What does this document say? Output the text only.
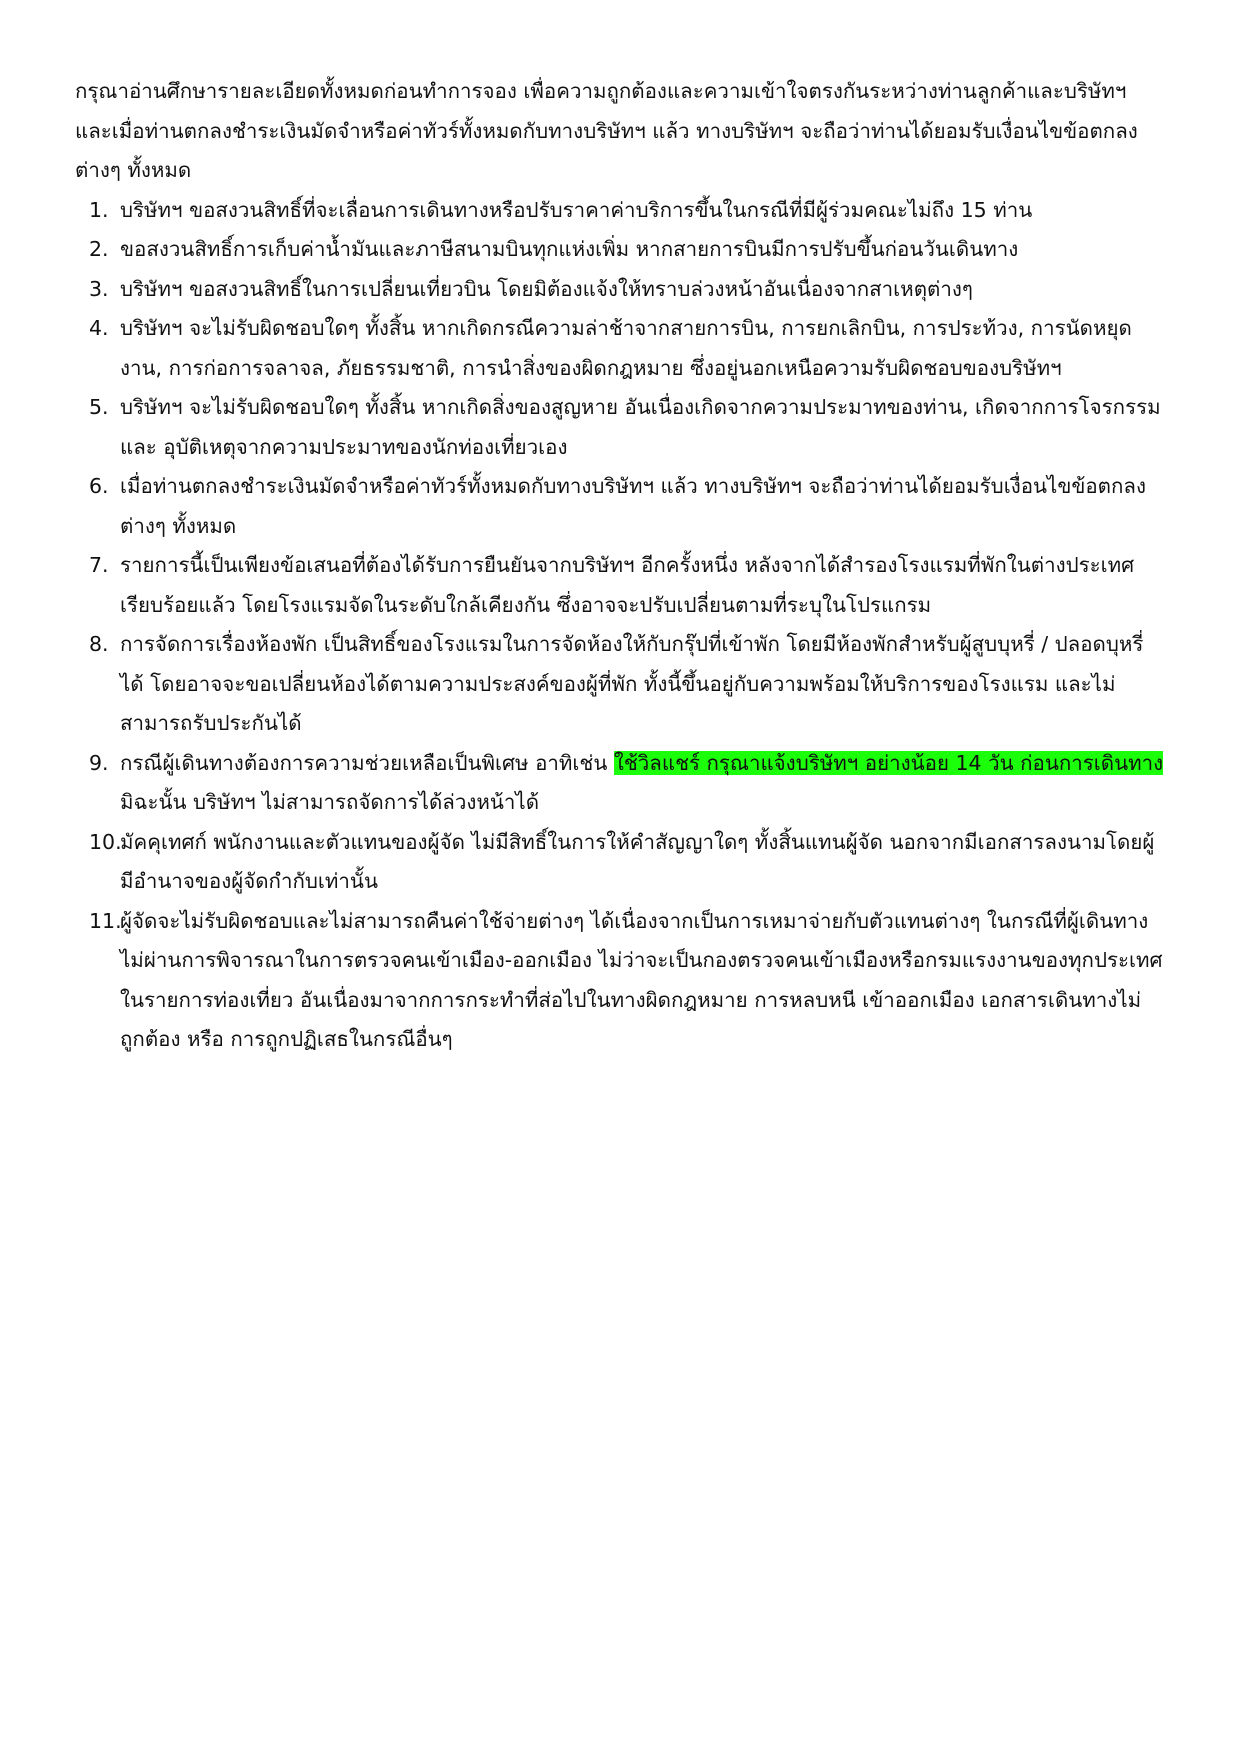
กรุณาอ่านศึกษารายละเอียดทั้งหมดก่อนทำการจอง เพื่อความถูกต้องและความเข้าใจตรงกันระหว่างท่านลูกค้าและบริษัทฯ และเมื่อท่านตกลงชำระเงินมัดจำหรือค่าทัวร์ทั้งหมดกับทางบริษัทฯ แล้ว ทางบริษัทฯ จะถือว่าท่านได้ยอมรับเงื่อนไขข้อตกลงต่างๆ ทั้งหมด

1. บริษัทฯ ขอสงวนสิทธิ์ที่จะเลื่อนการเดินทางหรือปรับราคาค่าบริการขึ้นในกรณีที่มีผู้ร่วมคณะไม่ถึง 15 ท่าน
2. ขอสงวนสิทธิ์การเก็บค่าน้ำมันและภาษีสนามบินทุกแห่งเพิ่ม หากสายการบินมีการปรับขึ้นก่อนวันเดินทาง
3. บริษัทฯ ขอสงวนสิทธิ์ในการเปลี่ยนเที่ยวบิน โดยมิต้องแจ้งให้ทราบล่วงหน้าอันเนื่องจากสาเหตุต่างๆ
4. บริษัทฯ จะไม่รับผิดชอบใดๆ ทั้งสิ้น หากเกิดกรณีความล่าช้าจากสายการบิน, การยกเลิกบิน, การประท้วง, การนัดหยุดงาน, การก่อการจลาจล, ภัยธรรมชาติ, การนำสิ่งของผิดกฎหมาย ซึ่งอยู่นอกเหนือความรับผิดชอบของบริษัทฯ
5. บริษัทฯ จะไม่รับผิดชอบใดๆ ทั้งสิ้น หากเกิดสิ่งของสูญหาย อันเนื่องเกิดจากความประมาทของท่าน, เกิดจากการโจรกรรม และ อุบัติเหตุจากความประมาทของนักท่องเที่ยวเอง
6. เมื่อท่านตกลงชำระเงินมัดจำหรือค่าทัวร์ทั้งหมดกับทางบริษัทฯ แล้ว ทางบริษัทฯ จะถือว่าท่านได้ยอมรับเงื่อนไขข้อตกลงต่างๆ ทั้งหมด
7. รายการนี้เป็นเพียงข้อเสนอที่ต้องได้รับการยืนยันจากบริษัทฯ อีกครั้งหนึ่ง หลังจากได้สำรองโรงแรมที่พักในต่างประเทศเรียบร้อยแล้ว โดยโรงแรมจัดในระดับใกล้เคียงกัน ซึ่งอาจจะปรับเปลี่ยนตามที่ระบุในโปรแกรม
8. การจัดการเรื่องห้องพัก เป็นสิทธิ์ของโรงแรมในการจัดห้องให้กับกรุ๊ปที่เข้าพัก โดยมีห้องพักสำหรับผู้สูบบุหรี่ / ปลอดบุหรี่ได้ โดยอาจจะขอเปลี่ยนห้องได้ตามความประสงค์ของผู้ที่พัก ทั้งนี้ขึ้นอยู่กับความพร้อมให้บริการของโรงแรม และไม่สามารถรับประกันได้
9. กรณีผู้เดินทางต้องการความช่วยเหลือเป็นพิเศษ อาทิเช่น ใช้วิลแชร์ กรุณาแจ้งบริษัทฯ อย่างน้อย 14 วัน ก่อนการเดินทาง มิฉะนั้น บริษัทฯ ไม่สามารถจัดการได้ล่วงหน้าได้
10.
มัคคุเทศก์ พนักงานและตัวแทนของผู้จัด ไม่มีสิทธิ์ในการให้คำสัญญาใดๆ ทั้งสิ้นแทนผู้จัด นอกจากมีเอกสารลงนามโดยผู้มีอำนาจของผู้จัดกำกับเท่านั้น
11.
ผู้จัดจะไม่รับผิดชอบและไม่สามารถคืนค่าใช้จ่ายต่างๆ ได้เนื่องจากเป็นการเหมาจ่ายกับตัวแทนต่างๆ ในกรณีที่ผู้เดินทางไม่ผ่านการพิจารณาในการตรวจคนเข้าเมือง-ออกเมือง ไม่ว่าจะเป็นกองตรวจคนเข้าเมืองหรือกรมแรงงานของทุกประเทศในรายการท่องเที่ยว อันเนื่องมาจากการกระทำที่ส่อไปในทางผิดกฎหมาย การหลบหนี เข้าออกเมือง เอกสารเดินทางไม่ถูกต้อง หรือ การถูกปฏิเสธในกรณีอื่นๆ
